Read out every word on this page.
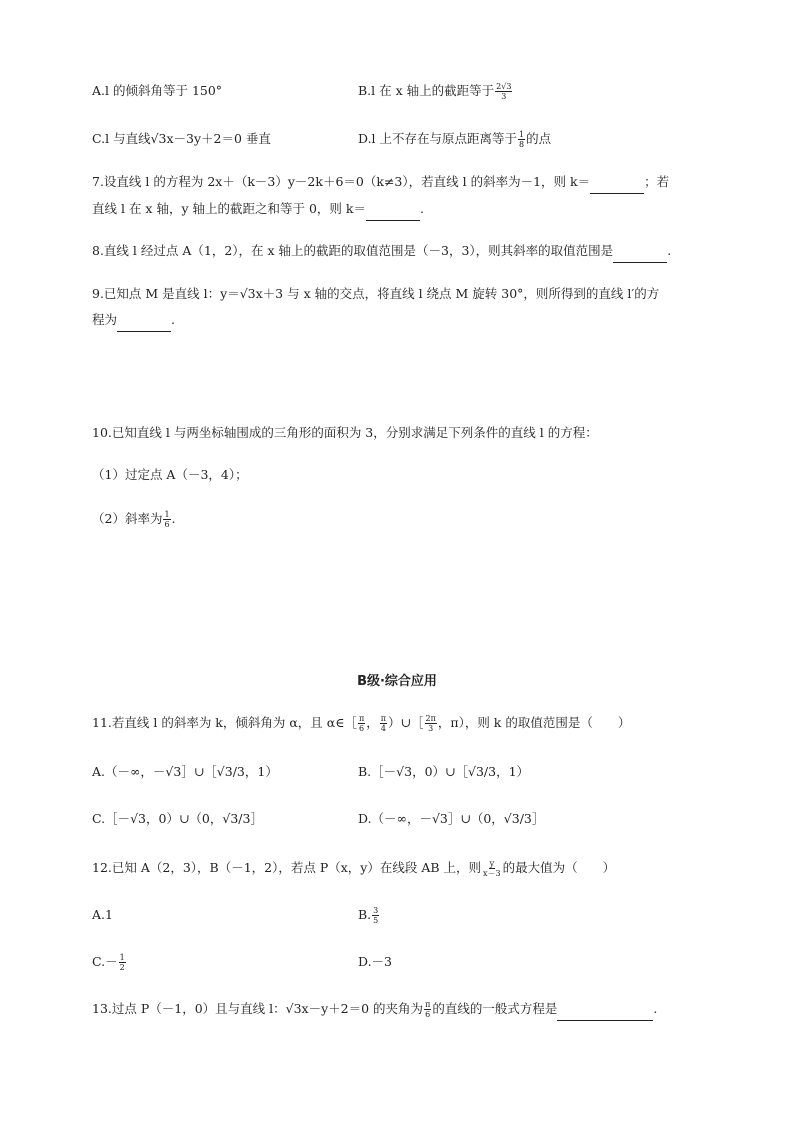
A.l 的倾斜角等于 150°	B.l 在 x 轴上的截距等于 $\frac{2√3}{3}$
C.l 与直线√3x－3y＋2＝0 垂直	D.l 上不存在与原点距离等于 $\frac{1}{8}$ 的点
7.设直线 l 的方程为 2x＋（k－3）y－2k＋6＝0（k≠3），若直线 l 的斜率为－1，则 k＝	；若
直线 l 在 x 轴，y 轴上的截距之和等于 0，则 k＝	.
8.直线 l 经过点 A（1，2），在 x 轴上的截距的取值范围是（－3，3），则其斜率的取值范围是	.
9.已知点 M 是直线 l：y＝√3x＋3 与 x 轴的交点，将直线 l 绕点 M 旋转 30°，则所得到的直线 l′的方
程为	.
10.已知直线 l 与两坐标轴围成的三角形的面积为 3，分别求满足下列条件的直线 l 的方程：
（1）过定点 A（－3，4）；
（2）斜率为 $\frac{1}{6}$ .
B级·综合应用
11.若直线 l 的斜率为 k，倾斜角为 α，且 α∈［ $\frac{\pi}{6}$ ， $\frac{\pi}{4}$ ）∪［ $\frac{2\pi}{3}$ ，π），则 k 的取值范围是（　　）
A.（－∞，－√3］∪［√3/3，1）	B.［－√3，0）∪［√3/3，1）
C.［－√3，0）∪（0，√3/3］	D.（－∞，－√3］∪（0，√3/3］
12.已知 A（2，3），B（－1，2），若点 P（x，y）在线段 AB 上，则 $\frac{y}{x-3}$ 的最大值为（　　）
A.1	B. $\frac{3}{5}$
$C.- \frac{1}{2}$	D.－3
13.过点 P（－1，0）且与直线 l：√3x－y＋2＝0 的夹角为 $\frac{\pi}{6}$ 的直线的一般式方程是	.
